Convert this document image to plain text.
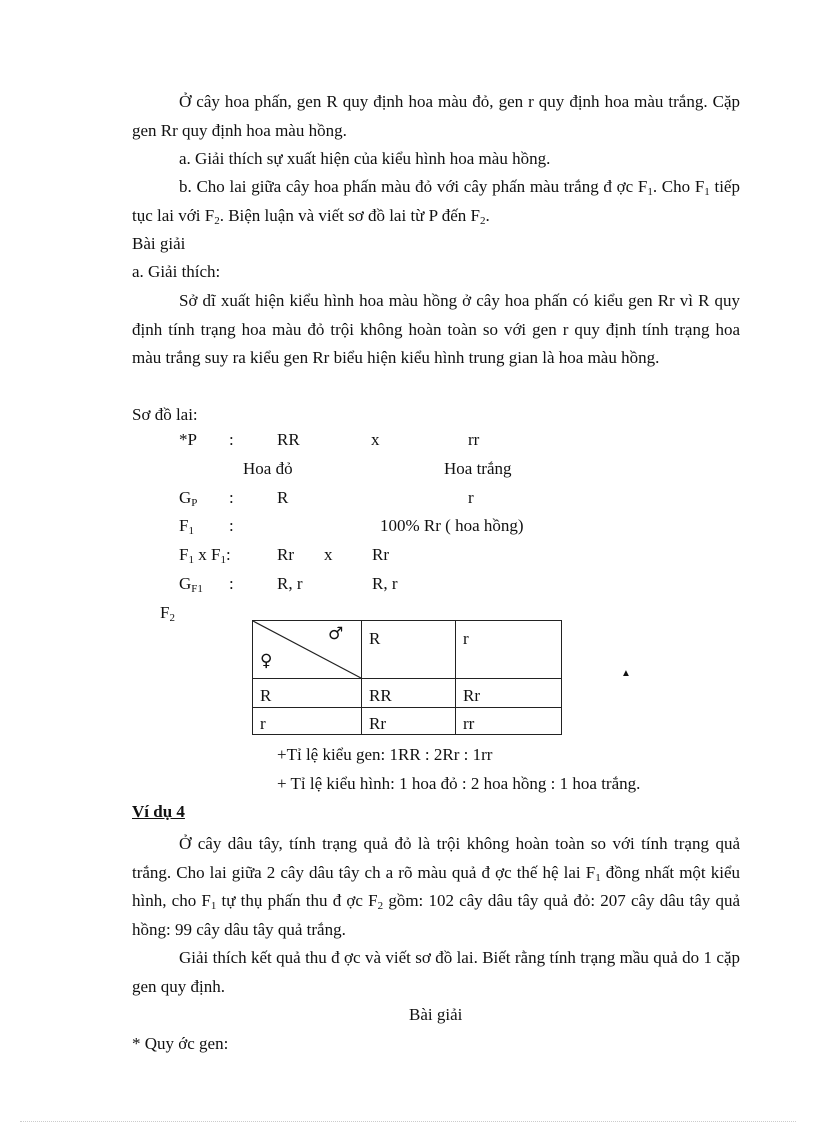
Ở cây hoa phấn, gen R quy định hoa màu đỏ, gen r quy định hoa màu trắng. Cặp gen Rr quy định hoa màu hồng.
a. Giải thích sự xuất hiện của kiểu hình hoa màu hồng.
b. Cho lai giữa cây hoa phấn màu đỏ với cây phấn màu trắng đ ợc $F_1$. Cho $F_1$ tiếp tục lai với $F_2$. Biện luận và viết sơ đồ lai từ P đến $F_2$.
Bài giải
a. Giải thích:
Sở dĩ xuất hiện kiểu hình hoa màu hồng ở cây hoa phấn có kiểu gen Rr vì R quy định tính trạng hoa màu đỏ trội không hoàn toàn so với gen r quy định tính trạng hoa màu trắng suy ra kiểu gen Rr biểu hiện kiểu hình trung gian là hoa màu hồng.
Sơ đồ lai:
*P :	RR	x	rr
Hoa đỏ	Hoa trắng
$G_P$ :	R	r
$F_1$ :	100% Rr ( hoa hồng)
$F_1$ x $F_1$:	Rr x Rr
$G_{F1}$ :	R, r	R, r
$F_2$
♂
♀	R	r
R	RR	Rr
r	Rr	rr
▲
+Tỉ lệ kiểu gen: 1RR : 2Rr : 1rr
+ Tỉ lệ kiểu hình: 1 hoa đỏ : 2 hoa hồng : 1 hoa trắng.
Ví dụ 4
Ở cây dâu tây, tính trạng quả đỏ là trội không hoàn toàn so với tính trạng quả trắng. Cho lai giữa 2 cây dâu tây ch a rõ màu quả đ ợc thế hệ lai $F_1$ đồng nhất một kiểu hình, cho $F_1$ tự thụ phấn thu đ ợc $F_2$ gồm: 102 cây dâu tây quả đỏ: 207 cây dâu tây quả hồng: 99 cây dâu tây quả trắng.
Giải thích kết quả thu đ ợc và viết sơ đồ lai. Biết rằng tính trạng mầu quả do 1 cặp gen quy định.
Bài giải
* Quy ớc gen:
